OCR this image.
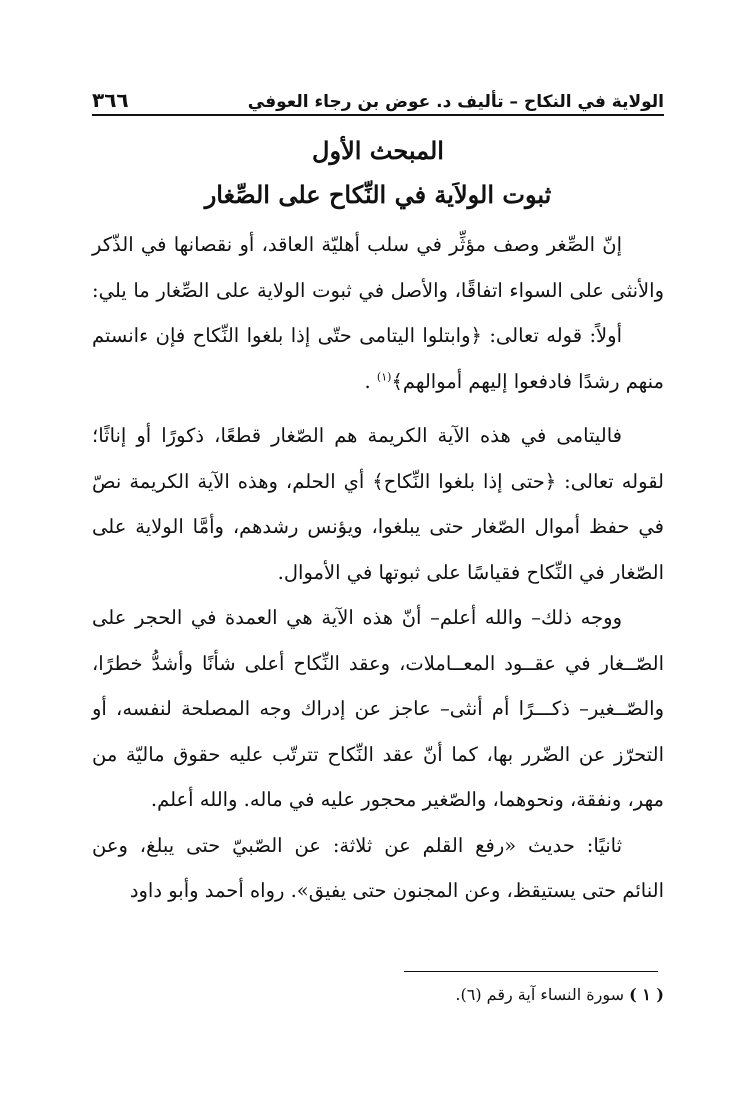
الولاية في النكاح – تأليف د. عوض بن رجاء العوفي
٣٦٦
المبحث الأول
ثبوت الولاَية في النِّكاح على الصِّغار
إنّ الصِّغر وصف مؤثِّر في سلب أهليّة العاقد، أو نقصانها في الذّكر
والأنثى على السواء اتفاقًا، والأصل في ثبوت الولاية على الصِّغار ما يلي:
أولاً: قوله تعالى: ﴿وابتلوا اليتامى حتّى إذا بلغوا النِّكاح فإن ءانستم
منهم رشدًا فادفعوا إليهم أموالهم﴾$^{(١)}$ .
فاليتامى في هذه الآية الكريمة هم الصّغار قطعًا، ذكورًا أو إناثًا؛
لقوله تعالى: ﴿حتى إذا بلغوا النِّكاح﴾ أي الحلم، وهذه الآية الكريمة نصّ
في حفظ أموال الصّغار حتى يبلغوا، ويؤنس رشدهم، وأمَّا الولاية على
الصّغار في النِّكاح فقياسًا على ثبوتها في الأموال.
ووجه ذلك– والله أعلم– أنّ هذه الآية هي العمدة في الحجر على
الصّــغار في عقــود المعــاملات، وعقد النِّكاح أعلى شأنًا وأشدُّ خطرًا،
والصّــغير– ذكـــرًا أم أنثى– عاجز عن إدراك وجه المصلحة لنفسه، أو
التحرّز عن الضّرر بها، كما أنّ عقد النِّكاح تترتّب عليه حقوق ماليّة من
مهر، ونفقة، ونحوهما، والصّغير محجور عليه في ماله. والله أعلم.
ثانيًا: حديث «رفع القلم عن ثلاثة: عن الصّبيّ حتى يبلغ، وعن
النائم حتى يستيقظ، وعن المجنون حتى يفيق». رواه أحمد وأبو داود
( ١ ) سورة النساء آية رقم (٦).
